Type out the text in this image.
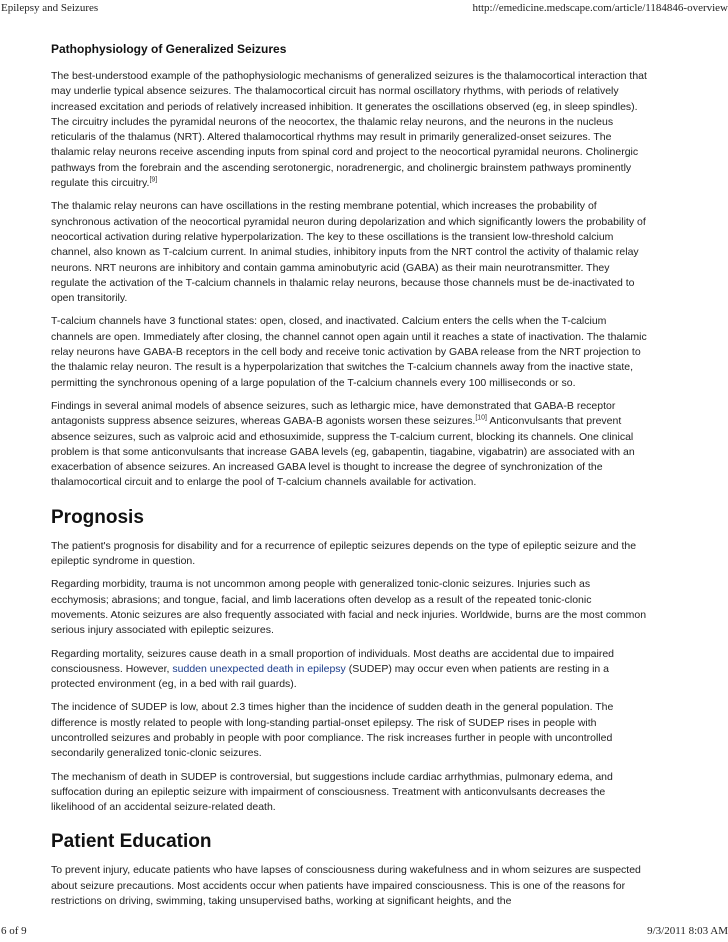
Epilepsy and Seizures	http://emedicine.medscape.com/article/1184846-overview
Pathophysiology of Generalized Seizures

The best-understood example of the pathophysiologic mechanisms of generalized seizures is the thalamocortical interaction that may underlie typical absence seizures. The thalamocortical circuit has normal oscillatory rhythms, with periods of relatively increased excitation and periods of relatively increased inhibition. It generates the oscillations observed (eg, in sleep spindles). The circuitry includes the pyramidal neurons of the neocortex, the thalamic relay neurons, and the neurons in the nucleus reticularis of the thalamus (NRT). Altered thalamocortical rhythms may result in primarily generalized-onset seizures. The thalamic relay neurons receive ascending inputs from spinal cord and project to the neocortical pyramidal neurons. Cholinergic pathways from the forebrain and the ascending serotonergic, noradrenergic, and cholinergic brainstem pathways prominently regulate this circuitry.[9]

The thalamic relay neurons can have oscillations in the resting membrane potential, which increases the probability of synchronous activation of the neocortical pyramidal neuron during depolarization and which significantly lowers the probability of neocortical activation during relative hyperpolarization. The key to these oscillations is the transient low-threshold calcium channel, also known as T-calcium current. In animal studies, inhibitory inputs from the NRT control the activity of thalamic relay neurons. NRT neurons are inhibitory and contain gamma aminobutyric acid (GABA) as their main neurotransmitter. They regulate the activation of the T-calcium channels in thalamic relay neurons, because those channels must be de-inactivated to open transitorily.

T-calcium channels have 3 functional states: open, closed, and inactivated. Calcium enters the cells when the T-calcium channels are open. Immediately after closing, the channel cannot open again until it reaches a state of inactivation. The thalamic relay neurons have GABA-B receptors in the cell body and receive tonic activation by GABA release from the NRT projection to the thalamic relay neuron. The result is a hyperpolarization that switches the T-calcium channels away from the inactive state, permitting the synchronous opening of a large population of the T-calcium channels every 100 milliseconds or so.

Findings in several animal models of absence seizures, such as lethargic mice, have demonstrated that GABA-B receptor antagonists suppress absence seizures, whereas GABA-B agonists worsen these seizures.[10] Anticonvulsants that prevent absence seizures, such as valproic acid and ethosuximide, suppress the T-calcium current, blocking its channels. One clinical problem is that some anticonvulsants that increase GABA levels (eg, gabapentin, tiagabine, vigabatrin) are associated with an exacerbation of absence seizures. An increased GABA level is thought to increase the degree of synchronization of the thalamocortical circuit and to enlarge the pool of T-calcium channels available for activation.

Prognosis

The patient's prognosis for disability and for a recurrence of epileptic seizures depends on the type of epileptic seizure and the epileptic syndrome in question.

Regarding morbidity, trauma is not uncommon among people with generalized tonic-clonic seizures. Injuries such as ecchymosis; abrasions; and tongue, facial, and limb lacerations often develop as a result of the repeated tonic-clonic movements. Atonic seizures are also frequently associated with facial and neck injuries. Worldwide, burns are the most common serious injury associated with epileptic seizures.

Regarding mortality, seizures cause death in a small proportion of individuals. Most deaths are accidental due to impaired consciousness. However, sudden unexpected death in epilepsy (SUDEP) may occur even when patients are resting in a protected environment (eg, in a bed with rail guards).

The incidence of SUDEP is low, about 2.3 times higher than the incidence of sudden death in the general population. The difference is mostly related to people with long-standing partial-onset epilepsy. The risk of SUDEP rises in people with uncontrolled seizures and probably in people with poor compliance. The risk increases further in people with uncontrolled secondarily generalized tonic-clonic seizures.

The mechanism of death in SUDEP is controversial, but suggestions include cardiac arrhythmias, pulmonary edema, and suffocation during an epileptic seizure with impairment of consciousness. Treatment with anticonvulsants decreases the likelihood of an accidental seizure-related death.

Patient Education

To prevent injury, educate patients who have lapses of consciousness during wakefulness and in whom seizures are suspected about seizure precautions. Most accidents occur when patients have impaired consciousness. This is one of the reasons for restrictions on driving, swimming, taking unsupervised baths, working at significant heights, and the

6 of 9	9/3/2011 8:03 AM
